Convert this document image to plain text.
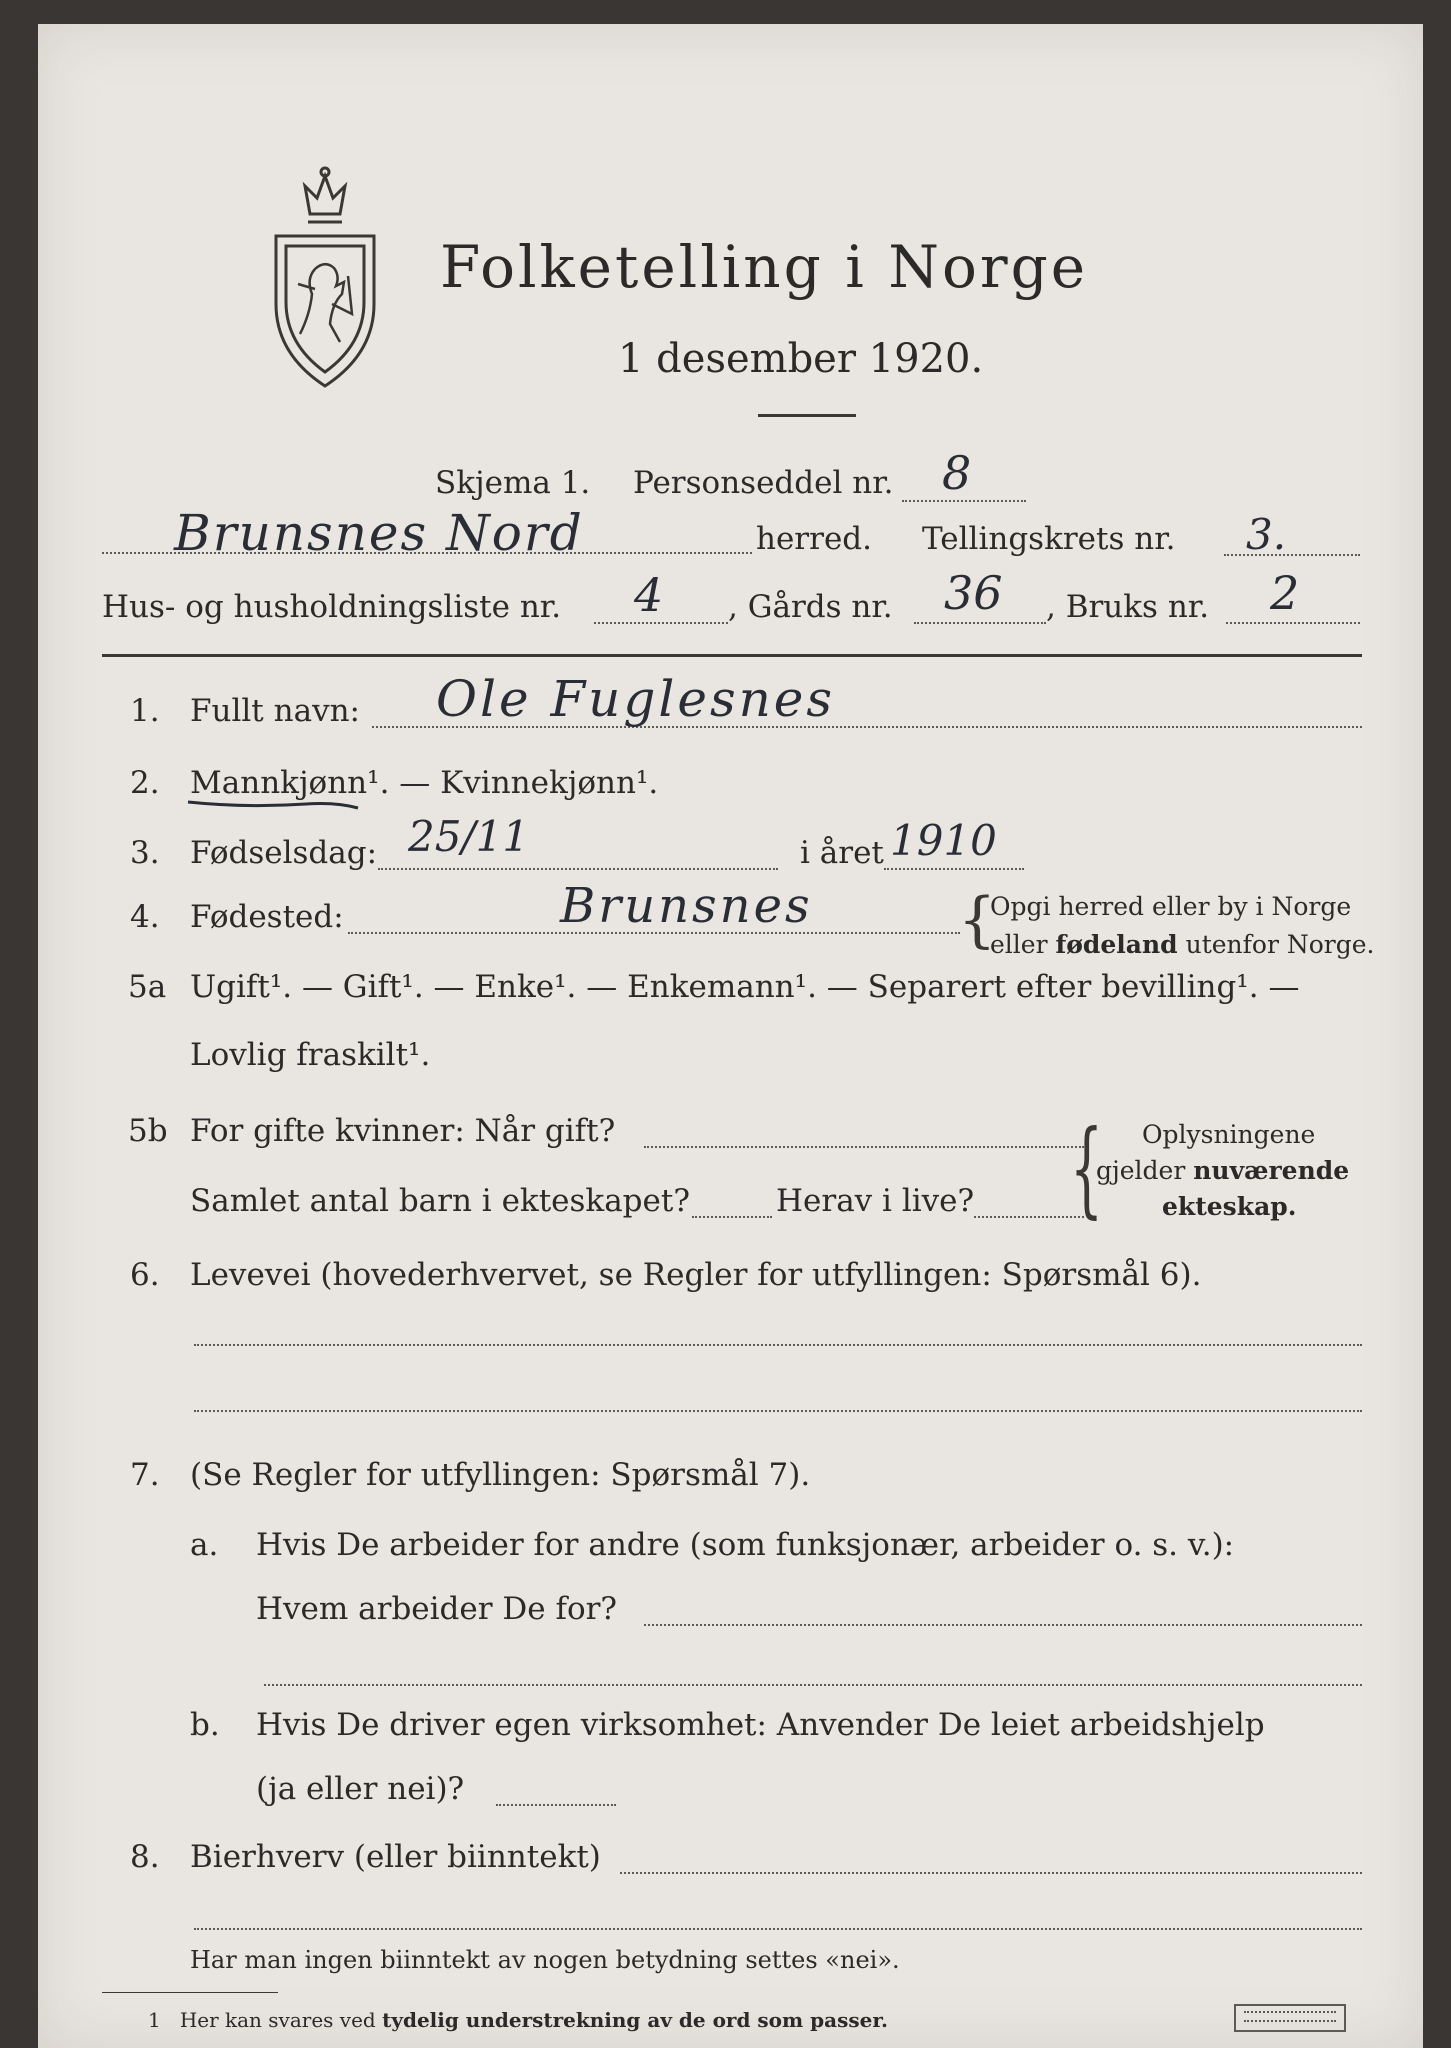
Folketelling i Norge
1 desember 1920.
Skjema 1. Personseddel nr. 8
Brunsnes Nord	herred. Tellingskrets nr. 3.
Hus- og husholdningsliste nr. 4 , Gårds nr. 36 , Bruks nr. 2
1. Fullt navn: Ole Fuglesnes
2. Mannkjønn¹. — Kvinnekjønn¹.
3. Fødselsdag: 25/11	i året 1910
4. Fødested:	Brunsnes {
Opgi herred eller by i Norge
eller fødeland utenfor Norge.
5a Ugift¹. — Gift¹. — Enke¹. — Enkemann¹. — Separert efter bevilling¹. —
Lovlig fraskilt¹.
5b For gifte kvinner: Når gift?
Samlet antal barn i ekteskapet?	Herav i live? { Oplysningene
gjelder nuværende
ekteskap.
6. Levevei (hovederhvervet, se Regler for utfyllingen: Spørsmål 6).
7. (Se Regler for utfyllingen: Spørsmål 7).
a. Hvis De arbeider for andre (som funksjonær, arbeider o. s. v.):
Hvem arbeider De for?
b. Hvis De driver egen virksomhet: Anvender De leiet arbeidshjelp
(ja eller nei)?
8. Bierhverv (eller biinntekt)
Har man ingen biinntekt av nogen betydning settes «nei».
1 Her kan svares ved tydelig understrekning av de ord som passer.
